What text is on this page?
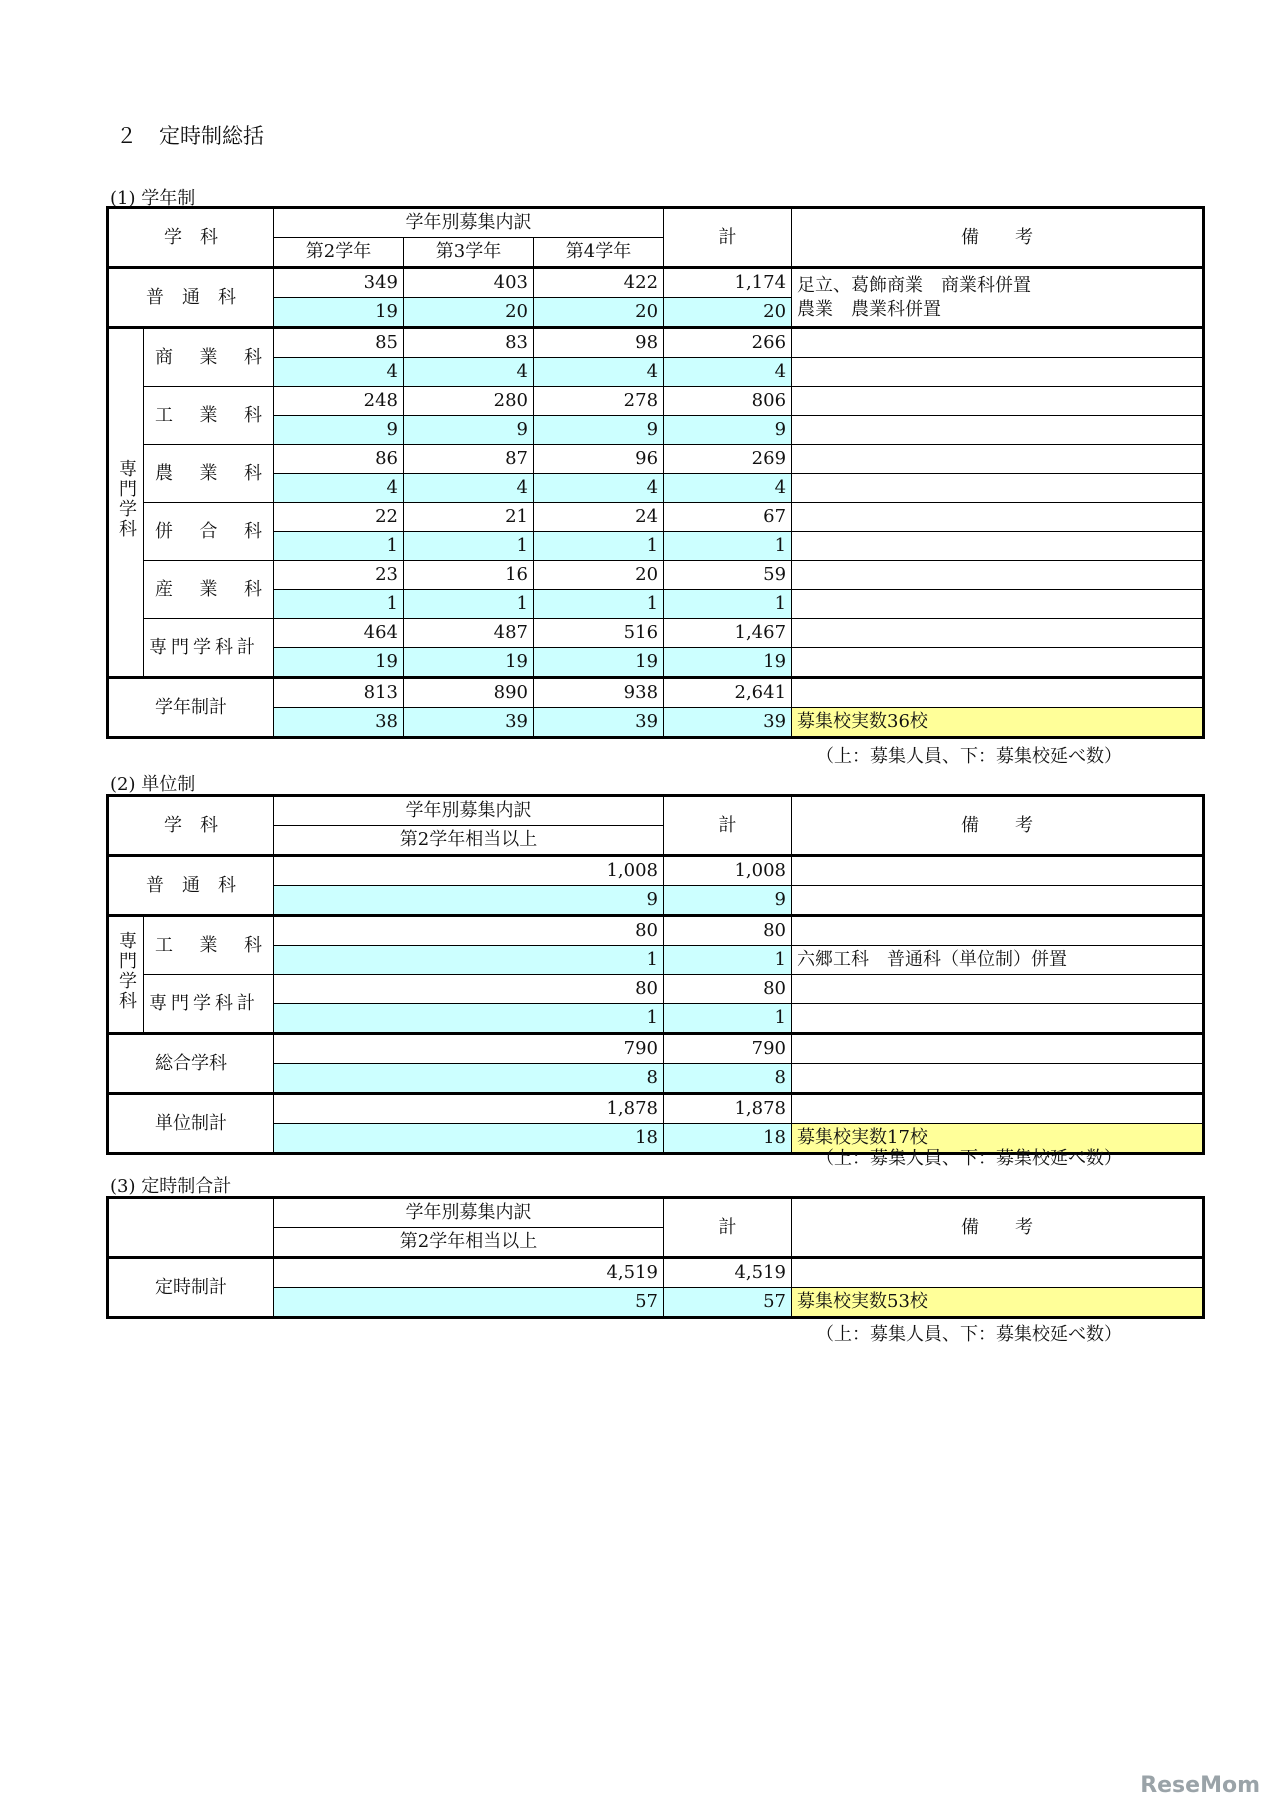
２ 定時制総括
(1) 学年制
学　科		学年別募集内訳			計	備　　考
		第2学年	第3学年	第4学年		
普　通　科		349	403	422	1,174	足立、葛飾商業　商業科併置
農業　農業科併置

		19	20	20	20	
専門学科	商 業 科	85	83	98	266	
		4	4	4	4	

	工 業 科	248	280	278	806	
		9	9	9	9	

	農 業 科	86	87	96	269	
		4	4	4	4	

	併 合 科	22	21	24	67	
		1	1	1	1	

	産 業 科	23	16	20	59	
		1	1	1	1	
	専門学科計	464	487	516	1,467	
		19	19	19	19	
学年制計		813	890	938	2,641	
		38	39	39	39	募集校実数36校
（上：募集人員、下：募集校延べ数）
(2) 単位制
学　科		学年別募集内訳	計	備　　考
		第2学年相当以上		
普　通　科		1,008	1,008	
		9	9	
専門学科	工 業 科	80	80	
		1	1	六郷工科　普通科（単位制）併置
	専門学科計	80	80	
		1	1	
総合学科		790	790	
		8	8	
単位制計		1,878	1,878	
		18	18	募集校実数17校
（上：募集人員、下：募集校延べ数）
(3) 定時制合計
	学年別募集内訳	計	備　　考
	第2学年相当以上		
定時制計	4,519	4,519	
	57	57	募集校実数53校
（上：募集人員、下：募集校延べ数）
ReseMom
